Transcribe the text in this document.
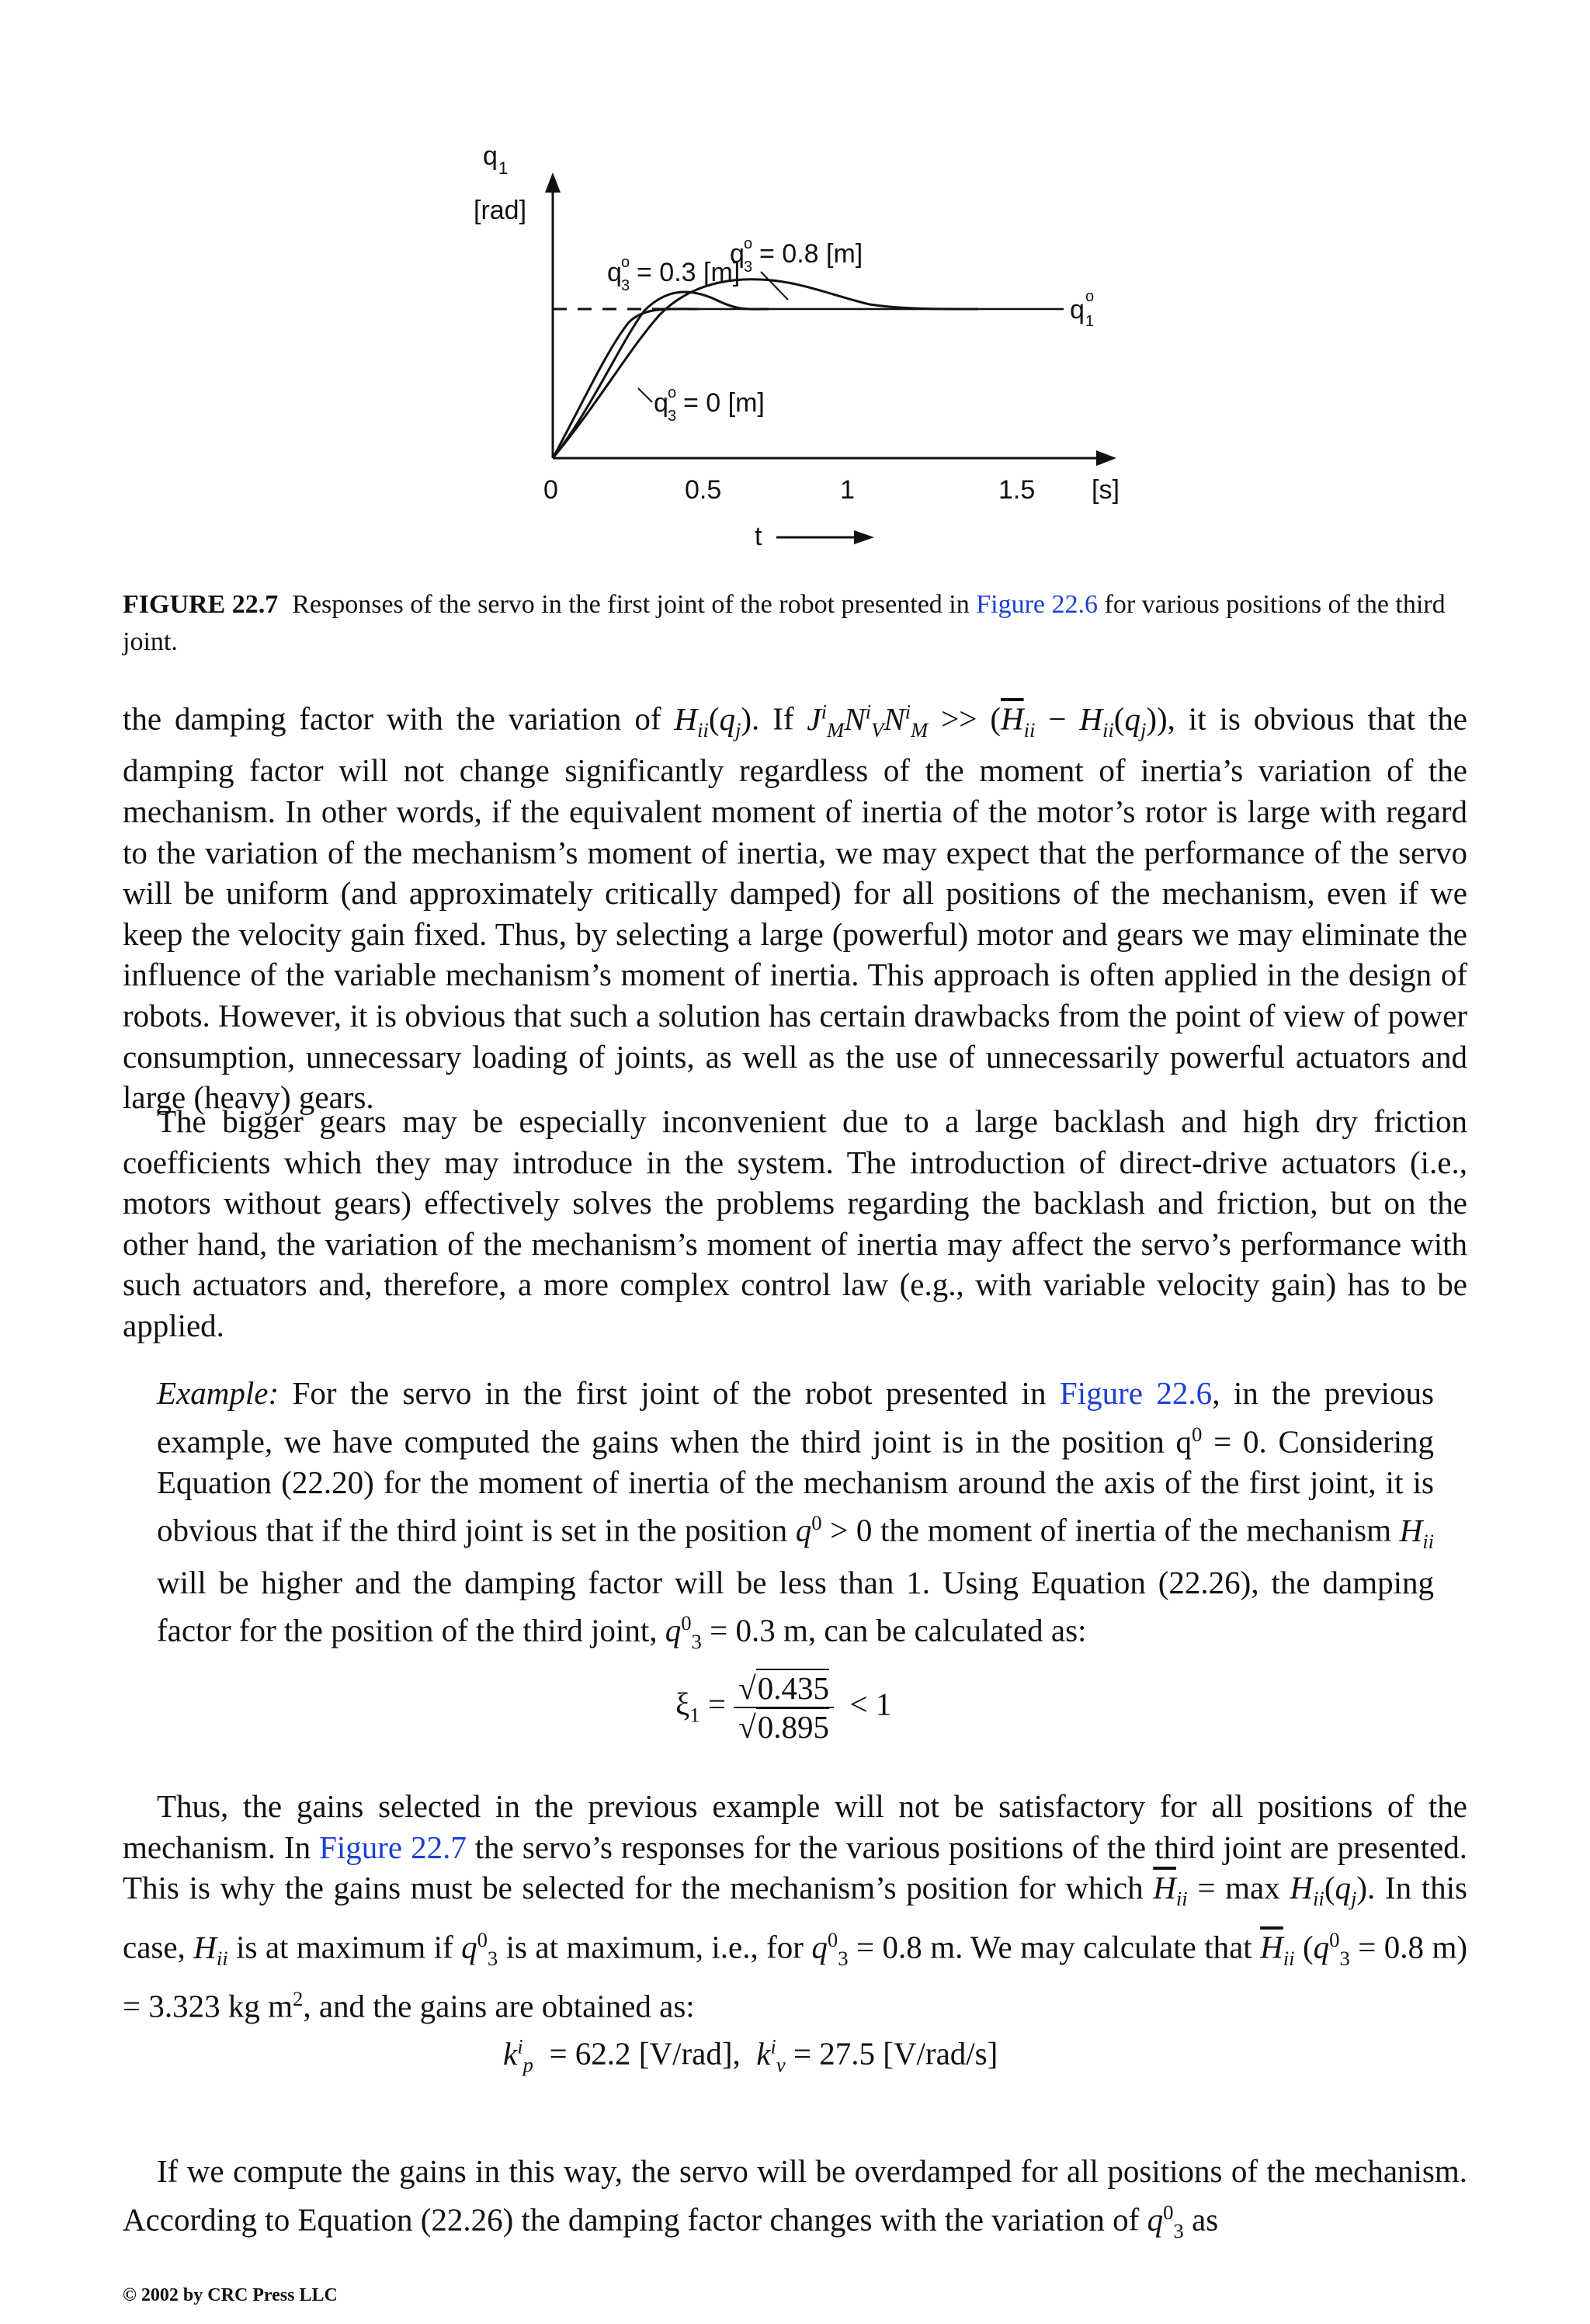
q 1
[rad]
q o
1
q o
3 = 0.8 [m]
q o
3 = 0.3 [m]
q o
3 = 0 [m]
0	0.5	1	1.5 [s]
t
FIGURE 22.7 Responses of the servo in the first joint of the robot presented in Figure 22.6 for various positions of the third joint.
the damping factor with the variation of $H_{ii}(q_j)$. If $J^i_MN^i_VN^i_M >> (\overline{H}_{ii} - H_{ii}(q_j))$, it is obvious that the damping factor will not change significantly regardless of the moment of inertia’s variation of the mechanism. In other words, if the equivalent moment of inertia of the motor’s rotor is large with regard to the variation of the mechanism’s moment of inertia, we may expect that the performance of the servo will be uniform (and approximately critically damped) for all positions of the mechanism, even if we keep the velocity gain fixed. Thus, by selecting a large (powerful) motor and gears we may eliminate the influence of the variable mechanism’s moment of inertia. This approach is often applied in the design of robots. However, it is obvious that such a solution has certain drawbacks from the point of view of power consumption, unnecessary loading of joints, as well as the use of unnecessarily powerful actuators and large (heavy) gears.
The bigger gears may be especially inconvenient due to a large backlash and high dry friction coefficients which they may introduce in the system. The introduction of direct-drive actuators (i.e., motors without gears) effectively solves the problems regarding the backlash and friction, but on the other hand, the variation of the mechanism’s moment of inertia may affect the servo’s performance with such actuators and, therefore, a more complex control law (e.g., with variable velocity gain) has to be applied.
Example: For the servo in the first joint of the robot presented in Figure 22.6, in the previous example, we have computed the gains when the third joint is in the position $q^0 = 0$. Considering Equation (22.20) for the moment of inertia of the mechanism around the axis of the first joint, it is obvious that if the third joint is set in the position $q^0 > 0$ the moment of inertia of the mechanism $H_{ii}$ will be higher and the damping factor will be less than 1. Using Equation (22.26), the damping factor for the position of the third joint, $q^0_3 = 0.3$ m, can be calculated as:
$\xi_1 = \frac{√0.435}{√0.895} < 1$
Thus, the gains selected in the previous example will not be satisfactory for all positions of the mechanism. In Figure 22.7 the servo’s responses for the various positions of the third joint are presented. This is why the gains must be selected for the mechanism’s position for which $\overline{H}_{ii} = \max H_{ii}(q_j)$. In this case, $H_{ii}$ is at maximum if $q^0_3$ is at maximum, i.e., for $q^0_3 = 0.8$ m. We may calculate that $\overline{H}_{ii}$ ($q^0_3 = 0.8$ m) = 3.323 kg $m^2$, and the gains are obtained as:
$k^i_p = 62.2$ [V/rad],  $k^i_v = 27.5$ [V/rad/s]
If we compute the gains in this way, the servo will be overdamped for all positions of the mechanism. According to Equation (22.26) the damping factor changes with the variation of $q^0_3$ as
© 2002 by CRC Press LLC
